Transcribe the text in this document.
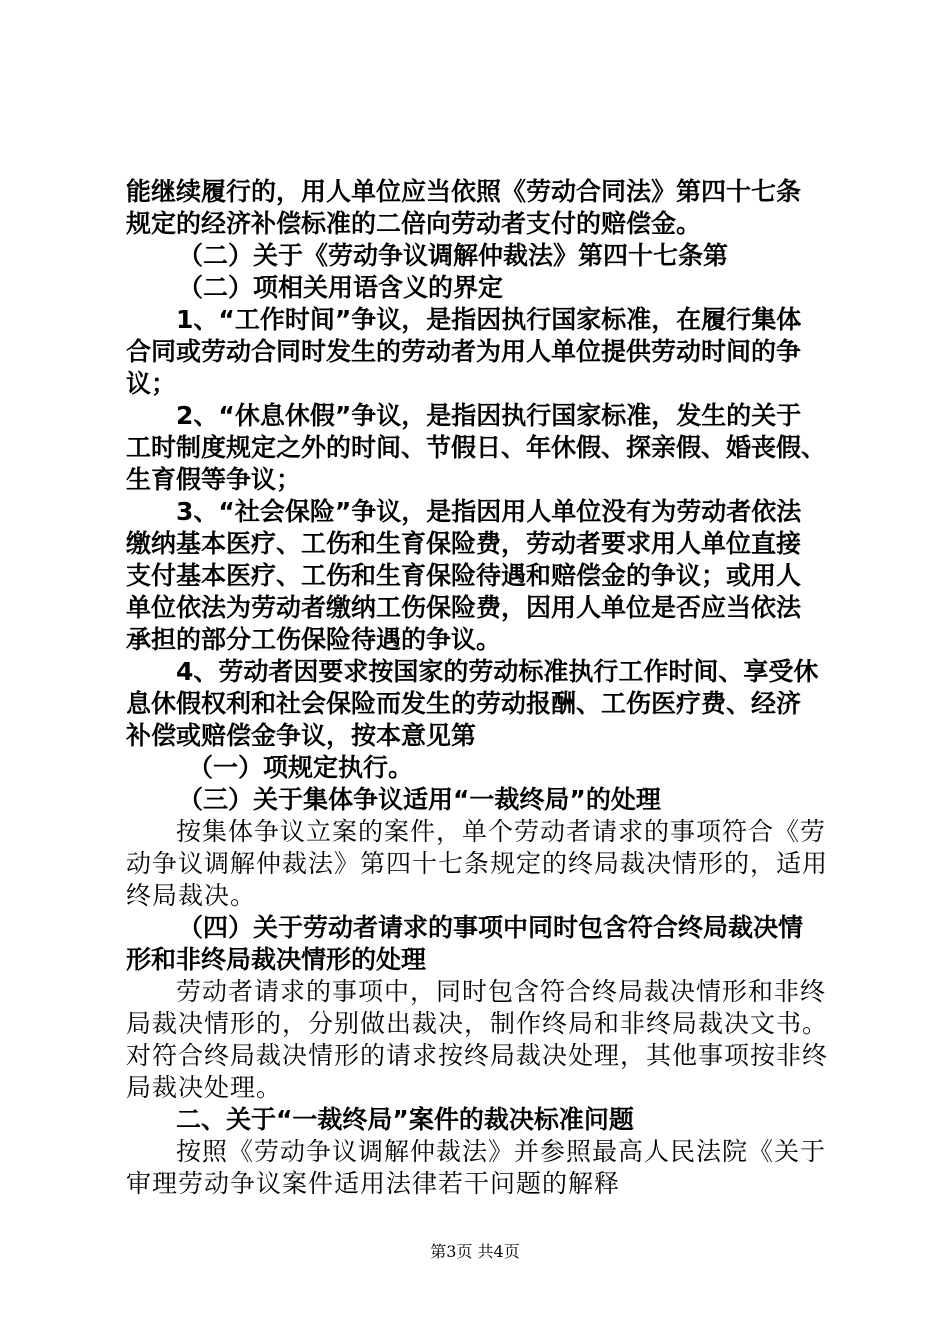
能继续履行的，用人单位应当依照《劳动合同法》第四十七条
规定的经济补偿标准的二倍向劳动者支付的赔偿金。
（二）关于《劳动争议调解仲裁法》第四十七条第
（二）项相关用语含义的界定
1、“工作时间”争议，是指因执行国家标准，在履行集体
合同或劳动合同时发生的劳动者为用人单位提供劳动时间的争
议；
2、“休息休假”争议，是指因执行国家标准，发生的关于
工时制度规定之外的时间、节假日、年休假、探亲假、婚丧假、
生育假等争议；
3、“社会保险”争议，是指因用人单位没有为劳动者依法
缴纳基本医疗、工伤和生育保险费，劳动者要求用人单位直接
支付基本医疗、工伤和生育保险待遇和赔偿金的争议；或用人
单位依法为劳动者缴纳工伤保险费，因用人单位是否应当依法
承担的部分工伤保险待遇的争议。
4、劳动者因要求按国家的劳动标准执行工作时间、享受休
息休假权利和社会保险而发生的劳动报酬、工伤医疗费、经济
补偿或赔偿金争议，按本意见第
（一）项规定执行。
（三）关于集体争议适用“一裁终局”的处理
按集体争议立案的案件，单个劳动者请求的事项符合《劳
动争议调解仲裁法》第四十七条规定的终局裁决情形的，适用
终局裁决。
（四）关于劳动者请求的事项中同时包含符合终局裁决情
形和非终局裁决情形的处理
劳动者请求的事项中，同时包含符合终局裁决情形和非终
局裁决情形的，分别做出裁决，制作终局和非终局裁决文书。
对符合终局裁决情形的请求按终局裁决处理，其他事项按非终
局裁决处理。
二、关于“一裁终局”案件的裁决标准问题
按照《劳动争议调解仲裁法》并参照最高人民法院《关于
审理劳动争议案件适用法律若干问题的解释
第3页 共4页
